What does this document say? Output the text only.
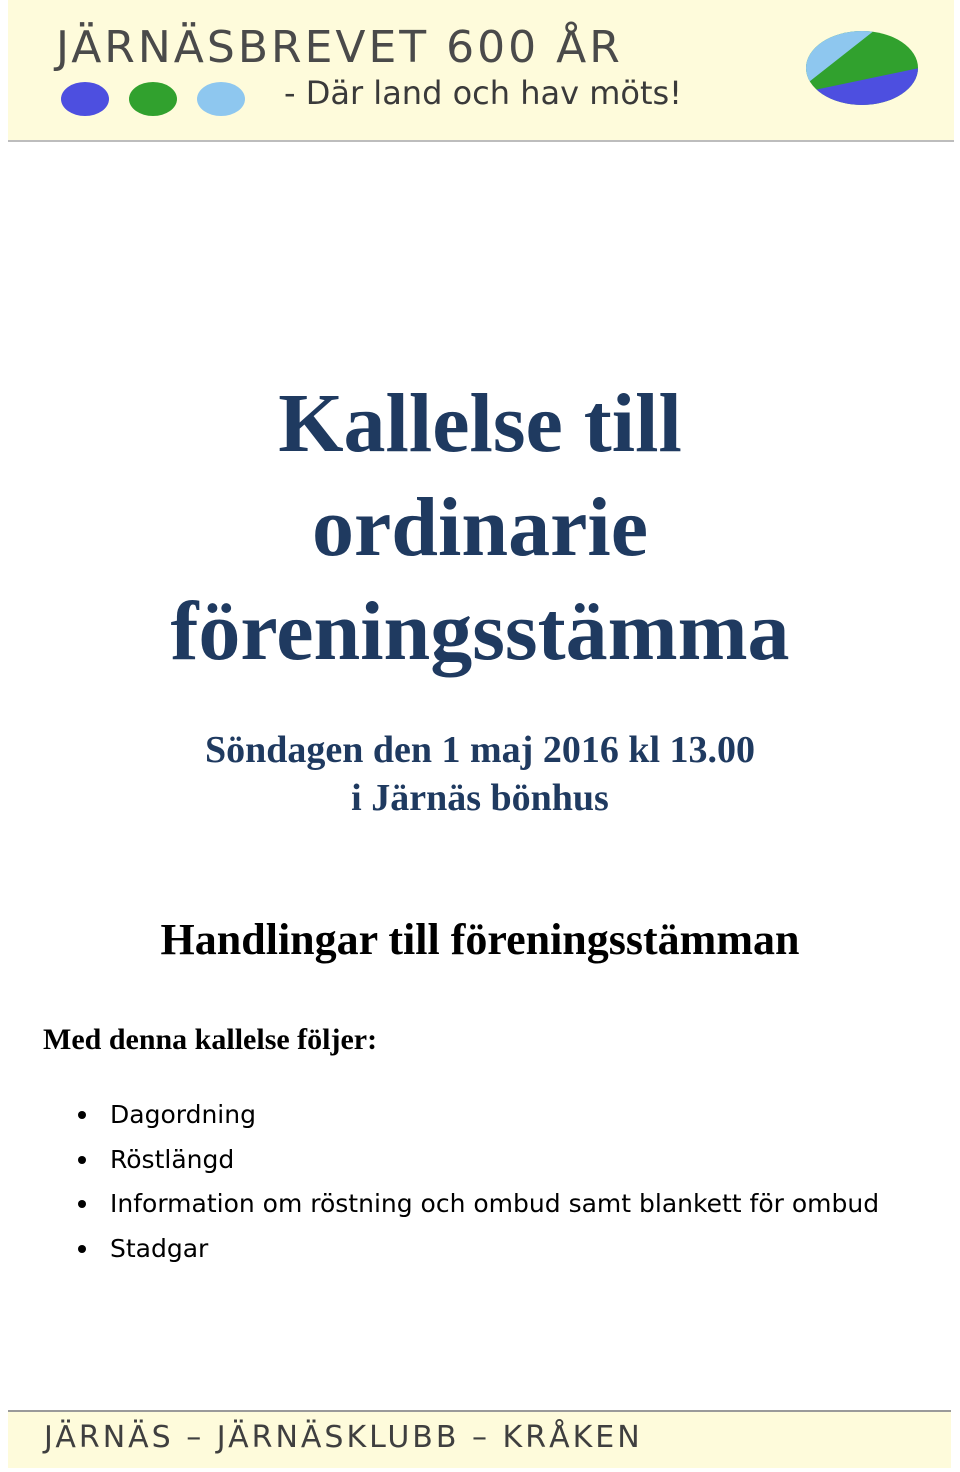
JÄRNÄSBREVET 600 ÅR
- Där land och hav möts!
Kallelse till
ordinarie
föreningsstämma
Söndagen den 1 maj 2016 kl 13.00
i Järnäs bönhus
Handlingar till föreningsstämman
Med denna kallelse följer:
Dagordning
Röstlängd
Information om röstning och ombud samt blankett för ombud
Stadgar
JÄRNÄS – JÄRNÄSKLUBB – KRÅKEN
